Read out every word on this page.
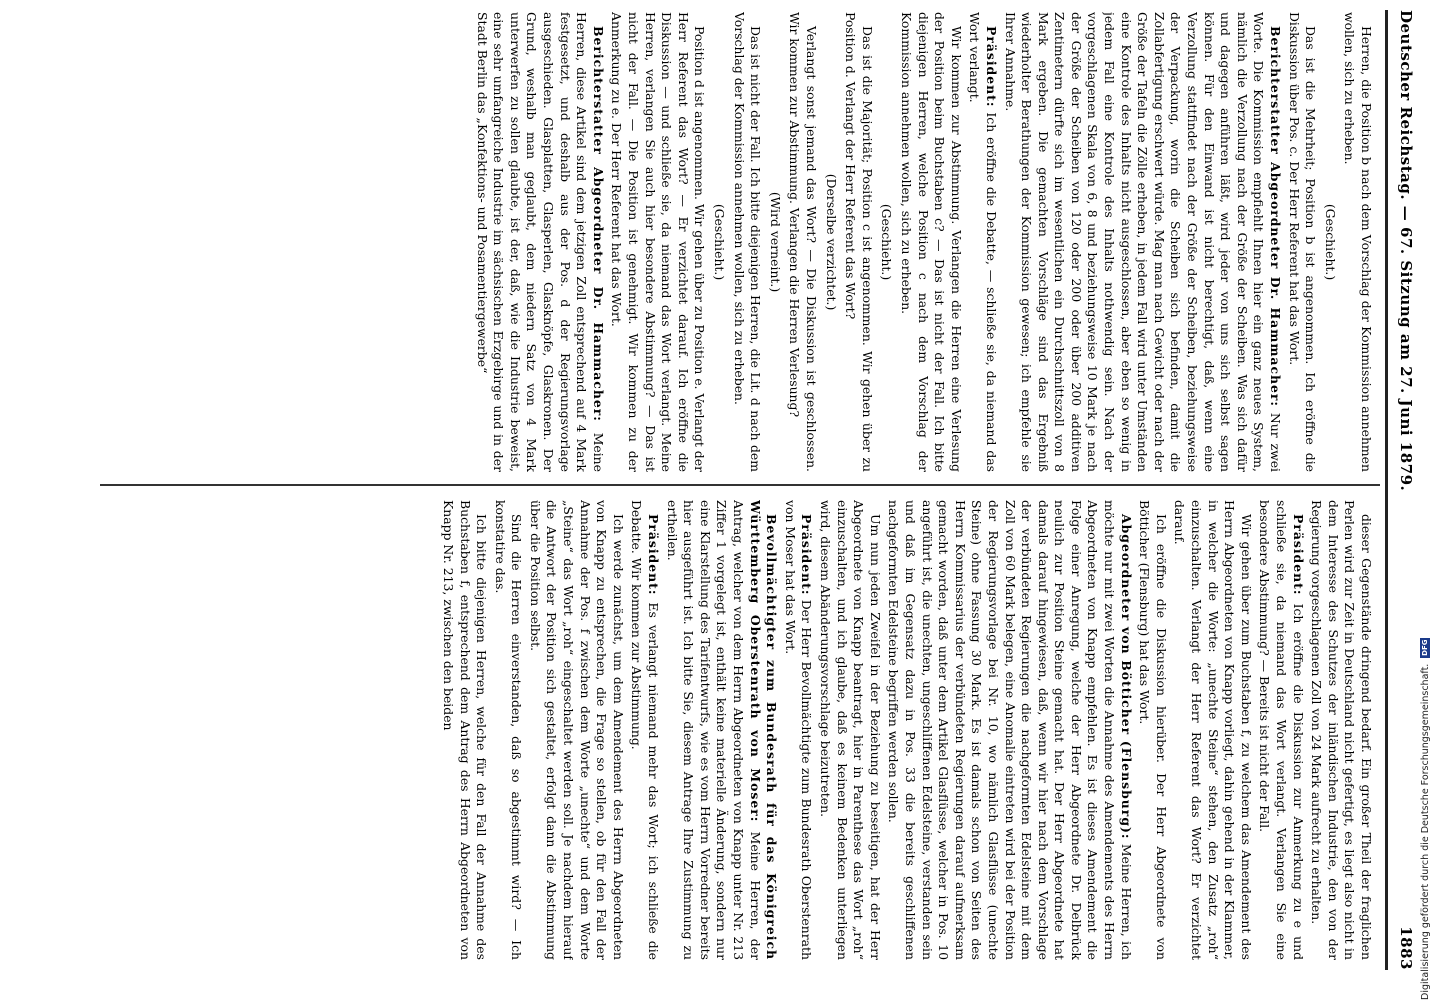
Deutscher Reichstag. — 67. Sitzung am 27. Juni 1879.
1883

Herren, die Position b nach dem Vorschlag der Kommission annehmen wollen, sich zu erheben.

(Geschieht.)

Das ist die Mehrheit; Position b ist angenommen. Ich eröffne die Diskussion über Pos. c. Der Herr Referent hat das Wort.

Berichterstatter Abgeordneter Dr. Hammacher: Nur zwei Worte. Die Kommission empfiehlt Ihnen hier ein ganz neues System, nämlich die Verzollung nach der Größe der Scheiben. Was sich dafür und dagegen anführen läßt, wird jeder von uns sich selbst sagen können. Für den Einwand ist nicht berechtigt, daß, wenn eine Verzollung stattfindet nach der Größe der Scheiben, beziehungsweise der Verpackung, worin die Scheiben sich befinden, damit die Zollabfertigung erschwert würde. Mag man nach Gewicht oder nach der Größe der Tafeln die Zölle erheben, in jedem Fall wird unter Umständen eine Kontrole des Inhalts nicht ausgeschlossen, aber eben so wenig in jedem Fall eine Kontrole des Inhalts nothwendig sein. Nach der vorgeschlagenen Skala von 6, 8 und beziehungsweise 10 Mark je nach der Größe der Scheiben von 120 oder 200 oder über 200 additiven Zentimetern dürfte sich im wesentlichen ein Durchschnittszoll von 8 Mark ergeben. Die gemachten Vorschläge sind das Ergebniß wiederholter Berathungen der Kommission gewesen; ich empfehle sie Ihrer Annahme.

Präsident: Ich eröffne die Debatte, — schließe sie, da niemand das Wort verlangt.

Wir kommen zur Abstimmung. Verlangen die Herren eine Verlesung der Position beim Buchstaben c? — Das ist nicht der Fall. Ich bitte diejenigen Herren, welche Position c nach dem Vorschlag der Kommission annehmen wollen, sich zu erheben.

(Geschieht.)

Das ist die Majorität; Position c ist angenommen. Wir gehen über zu Position d. Verlangt der Herr Referent das Wort?

(Derselbe verzichtet.)

Verlangt sonst jemand das Wort? — Die Diskussion ist geschlossen. Wir kommen zur Abstimmung. Verlangen die Herren Verlesung?

(Wird verneint.)

Das ist nicht der Fall. Ich bitte diejenigen Herren, die Lit. d nach dem Vorschlag der Kommission annehmen wollen, sich zu erheben.

(Geschieht.)

Position d ist angenommen. Wir gehen über zu Position e. Verlangt der Herr Referent das Wort? — Er verzichtet darauf. Ich eröffne die Diskussion — und schließe sie, da niemand das Wort verlangt. Meine Herren, verlangen Sie auch hier besondere Abstimmung? — Das ist nicht der Fall. — Die Position ist genehmigt. Wir kommen zu der Anmerkung zu e. Der Herr Referent hat das Wort.

Berichterstatter Abgeordneter Dr. Hammacher: Meine Herren, diese Artikel sind dem jetzigen Zoll entsprechend auf 4 Mark festgesetzt, und deshalb aus der Pos. d der Regierungsvorlage ausgeschieden. Glasplatten, Glasperlen, Glasknöpfe, Glaskronen. Der Grund, weshalb man geglaubt, dem niedern Satz von 4 Mark unterwerfen zu sollen glaubte, ist der, daß, wie die Industrie beweist, eine sehr umfangreiche Industrie im sächsischen Erzgebirge und in der Stadt Berlin das „Konfektions- und Posamentiergewerbe“

dieser Gegenstände dringend bedarf. Ein großer Theil der fraglichen Perlen wird zur Zeit in Deutschland nicht gefertigt, es liegt also nicht in dem Interesse des Schutzes der inländischen Industrie, den von der Regierung vorgeschlagenen Zoll von 24 Mark aufrecht zu erhalten.

Präsident: Ich eröffne die Diskussion zur Anmerkung zu e und schließe sie, da niemand das Wort verlangt. Verlangen Sie eine besondere Abstimmung? — Bereits ist nicht der Fall.

Wir gehen über zum Buchstaben f, zu welchem das Amendement des Herrn Abgeordneten von Knapp vorliegt, dahin gehend in der Klammer, in welcher die Worte: „unechte Steine“ stehen, den Zusatz „roh“ einzuschalten. Verlangt der Herr Referent das Wort? Er verzichtet darauf.

Ich eröffne die Diskussion hierüber. Der Herr Abgeordnete von Bötticher (Flensburg) hat das Wort.

Abgeordneter von Bötticher (Flensburg): Meine Herren, ich möchte nur mit zwei Worten die Annahme des Amendements des Herrn Abgeordneten von Knapp empfehlen. Es ist dieses Amendement die Folge einer Anregung, welche der Herr Abgeordnete Dr. Delbrück neulich zur Position Steine gemacht hat. Der Herr Abgeordnete hat damals darauf hingewiesen, daß, wenn wir hier nach dem Vorschlage der verbündeten Regierungen die nachgeformten Edelsteine mit dem Zoll von 60 Mark belegen, eine Anomalie eintreten wird bei der Position der Regierungsvorlage bei Nr. 10, wo nämlich Glasflüsse (unechte Steine) ohne Fassung 30 Mark. Es ist damals schon von Seiten des Herrn Kommissarius der verbündeten Regierungen darauf aufmerksam gemacht worden, daß unter dem Artikel Glasflüsse, welcher in Pos. 10 angeführt ist, die unechten, ungeschliffenen Edelsteine, verstanden sein und daß im Gegensatz dazu in Pos. 33 die bereits geschliffenen nachgeformten Edelsteine begriffen werden sollen.

Um nun jeden Zweifel in der Beziehung zu beseitigen, hat der Herr Abgeordnete von Knapp beantragt, hier in Parenthese das Wort „roh“ einzuschalten, und ich glaube, daß es keinem Bedenken unterliegen wird, diesem Abänderungsvorschlage beizutreten.

Präsident: Der Herr Bevollmächtigte zum Bundesrath Oberstenrath von Moser hat das Wort.

Bevollmächtigter zum Bundesrath für das Königreich Württemberg Oberstenrath von Moser: Meine Herren, der Antrag, welcher von dem Herrn Abgeordneten von Knapp unter Nr. 213 Ziffer 1 vorgelegt ist, enthält keine materielle Änderung, sondern nur eine Klarstellung des Tarifentwurfs, wie es vom Herrn Vorredner bereits hier ausgeführt ist. Ich bitte Sie, diesem Antrage Ihre Zustimmung zu ertheilen.

Präsident: Es verlangt niemand mehr das Wort; ich schließe die Debatte. Wir kommen zur Abstimmung.

Ich werde zunächst, um dem Amendement des Herrn Abgeordneten von Knapp zu entsprechen, die Frage so stellen, ob für den Fall der Annahme der Pos. f zwischen dem Worte „unechte“ und dem Worte „Steine“ das Wort „roh“ eingeschaltet werden soll. Je nachdem hierauf die Antwort der Position sich gestaltet, erfolgt dann die Abstimmung über die Position selbst.

Sind die Herren einverstanden, daß so abgestimmt wird? — Ich konstatire das.

Ich bitte diejenigen Herren, welche für den Fall der Annahme des Buchstaben f, entsprechend dem Antrag des Herrn Abgeordneten von Knapp Nr. 213, zwischen den beiden

Digitalisierung gefördert durch die Deutsche Forschungsgemeinschaft.
DFG
